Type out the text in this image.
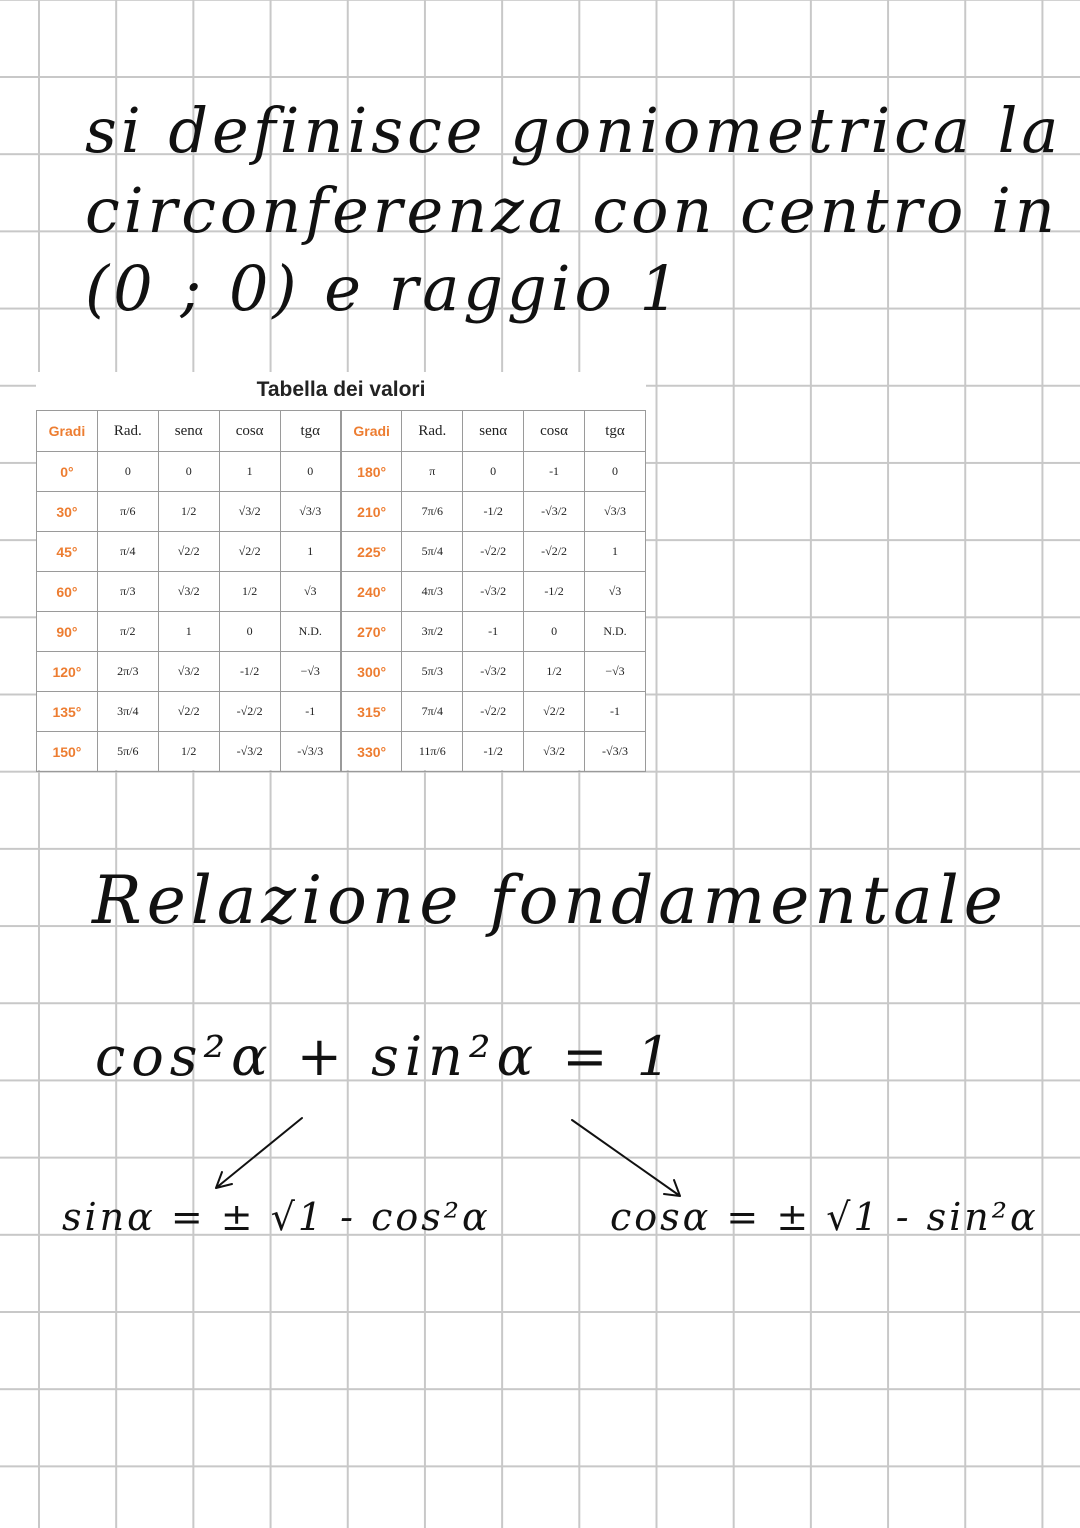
si definisce goniometrica la

circonferenza con centro in

(0 ; 0) e raggio 1

Tabella dei valori
Gradi	Rad.	senα	cosα	tgα	Gradi	Rad.	senα	cosα	tgα
0°	0	0	1	0	180°	π	0	-1	0
30°	π/6	1/2	√3/2	√3/3	210°	7π/6	-1/2	-√3/2	√3/3
45°	π/4	√2/2	√2/2	1	225°	5π/4	-√2/2	-√2/2	1
60°	π/3	√3/2	1/2	√3	240°	4π/3	-√3/2	-1/2	√3
90°	π/2	1	0	N.D.	270°	3π/2	-1	0	N.D.
120°	2π/3	√3/2	-1/2	−√3	300°	5π/3	-√3/2	1/2	−√3
135°	3π/4	√2/2	-√2/2	-1	315°	7π/4	-√2/2	√2/2	-1
150°	5π/6	1/2	-√3/2	-√3/3	330°	11π/6	-1/2	√3/2	-√3/3

Relazione fondamentale

cos²α + sin²α = 1

sinα = ± √1 - cos²α	cosα = ± √1 - sin²α
